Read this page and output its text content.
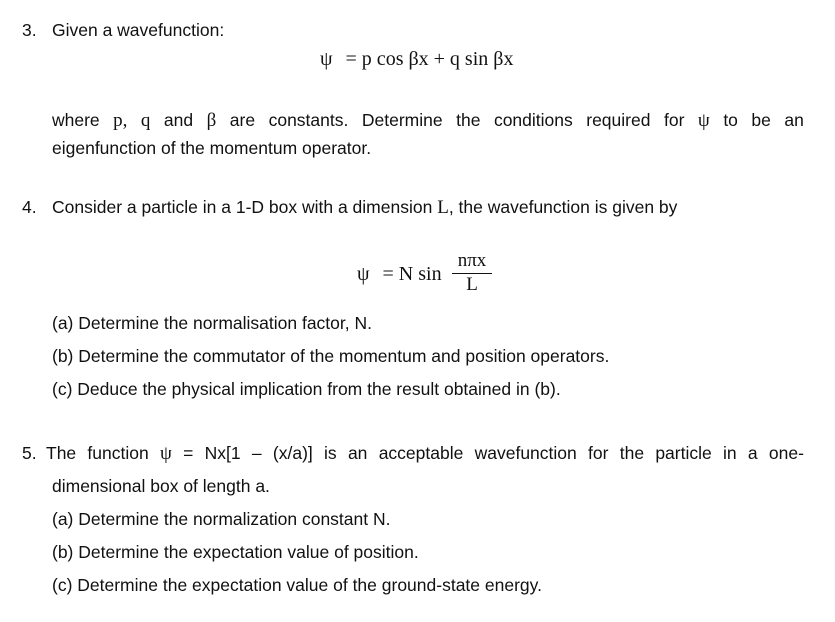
3. Given a wavefunction:
ψ = p cos βx + q sin βx
where p, q and β are constants. Determine the conditions required for ψ to be an
eigenfunction of the momentum operator.
4. Consider a particle in a 1-D box with a dimension L, the wavefunction is given by
ψ = N sin
nπx
L
(a) Determine the normalisation factor, N.
(b) Determine the commutator of the momentum and position operators.
(c) Deduce the physical implication from the result obtained in (b).
5. The function ψ = Nx[1 – (x/a)] is an acceptable wavefunction for the particle in a one-
dimensional box of length a.
(a) Determine the normalization constant N.
(b) Determine the expectation value of position.
(c) Determine the expectation value of the ground-state energy.
